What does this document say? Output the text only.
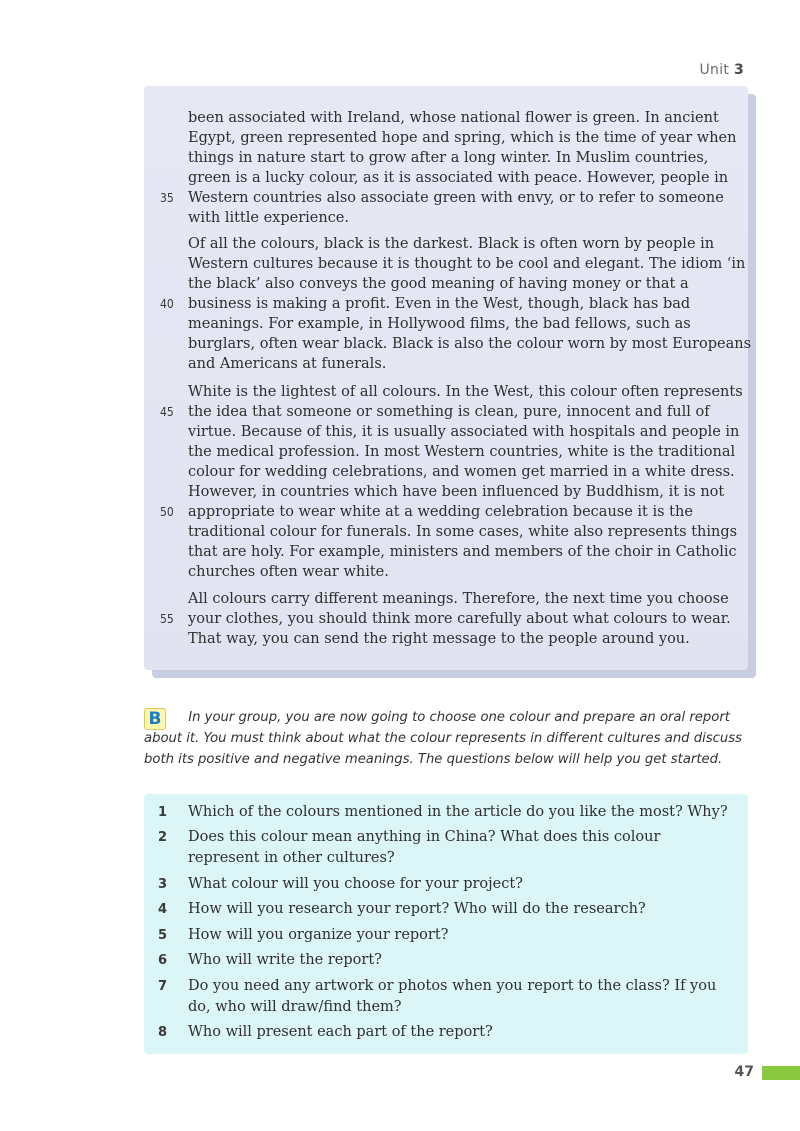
Unit 3
been associated with Ireland, whose national flower is green. In ancient
Egypt, green represented hope and spring, which is the time of year when
things in nature start to grow after a long winter. In Muslim countries,
green is a lucky colour, as it is associated with peace. However, people in
Western countries also associate green with envy, or to refer to someone
with little experience.
Of all the colours, black is the darkest. Black is often worn by people in
Western cultures because it is thought to be cool and elegant. The idiom ‘in
the black’ also conveys the good meaning of having money or that a
business is making a profit. Even in the West, though, black has bad
meanings. For example, in Hollywood films, the bad fellows, such as
burglars, often wear black. Black is also the colour worn by most Europeans
and Americans at funerals.
White is the lightest of all colours. In the West, this colour often represents
the idea that someone or something is clean, pure, innocent and full of
virtue. Because of this, it is usually associated with hospitals and people in
the medical profession. In most Western countries, white is the traditional
colour for wedding celebrations, and women get married in a white dress.
However, in countries which have been influenced by Buddhism, it is not
appropriate to wear white at a wedding celebration because it is the
traditional colour for funerals. In some cases, white also represents things
that are holy. For example, ministers and members of the choir in Catholic
churches often wear white.
All colours carry different meanings. Therefore, the next time you choose
your clothes, you should think more carefully about what colours to wear.
That way, you can send the right message to the people around you.
35
40
45
50
55
B In your group, you are now going to choose one colour and prepare an oral report
about it. You must think about what the colour represents in different cultures and discuss
both its positive and negative meanings. The questions below will help you get started.
1	Which of the colours mentioned in the article do you like the most? Why?
2	Does this colour mean anything in China? What does this colour
represent in other cultures?
3	What colour will you choose for your project?
4	How will you research your report? Who will do the research?
5	How will you organize your report?
6	Who will write the report?
7	Do you need any artwork or photos when you report to the class? If you
do, who will draw/find them?
8	Who will present each part of the report?
47
